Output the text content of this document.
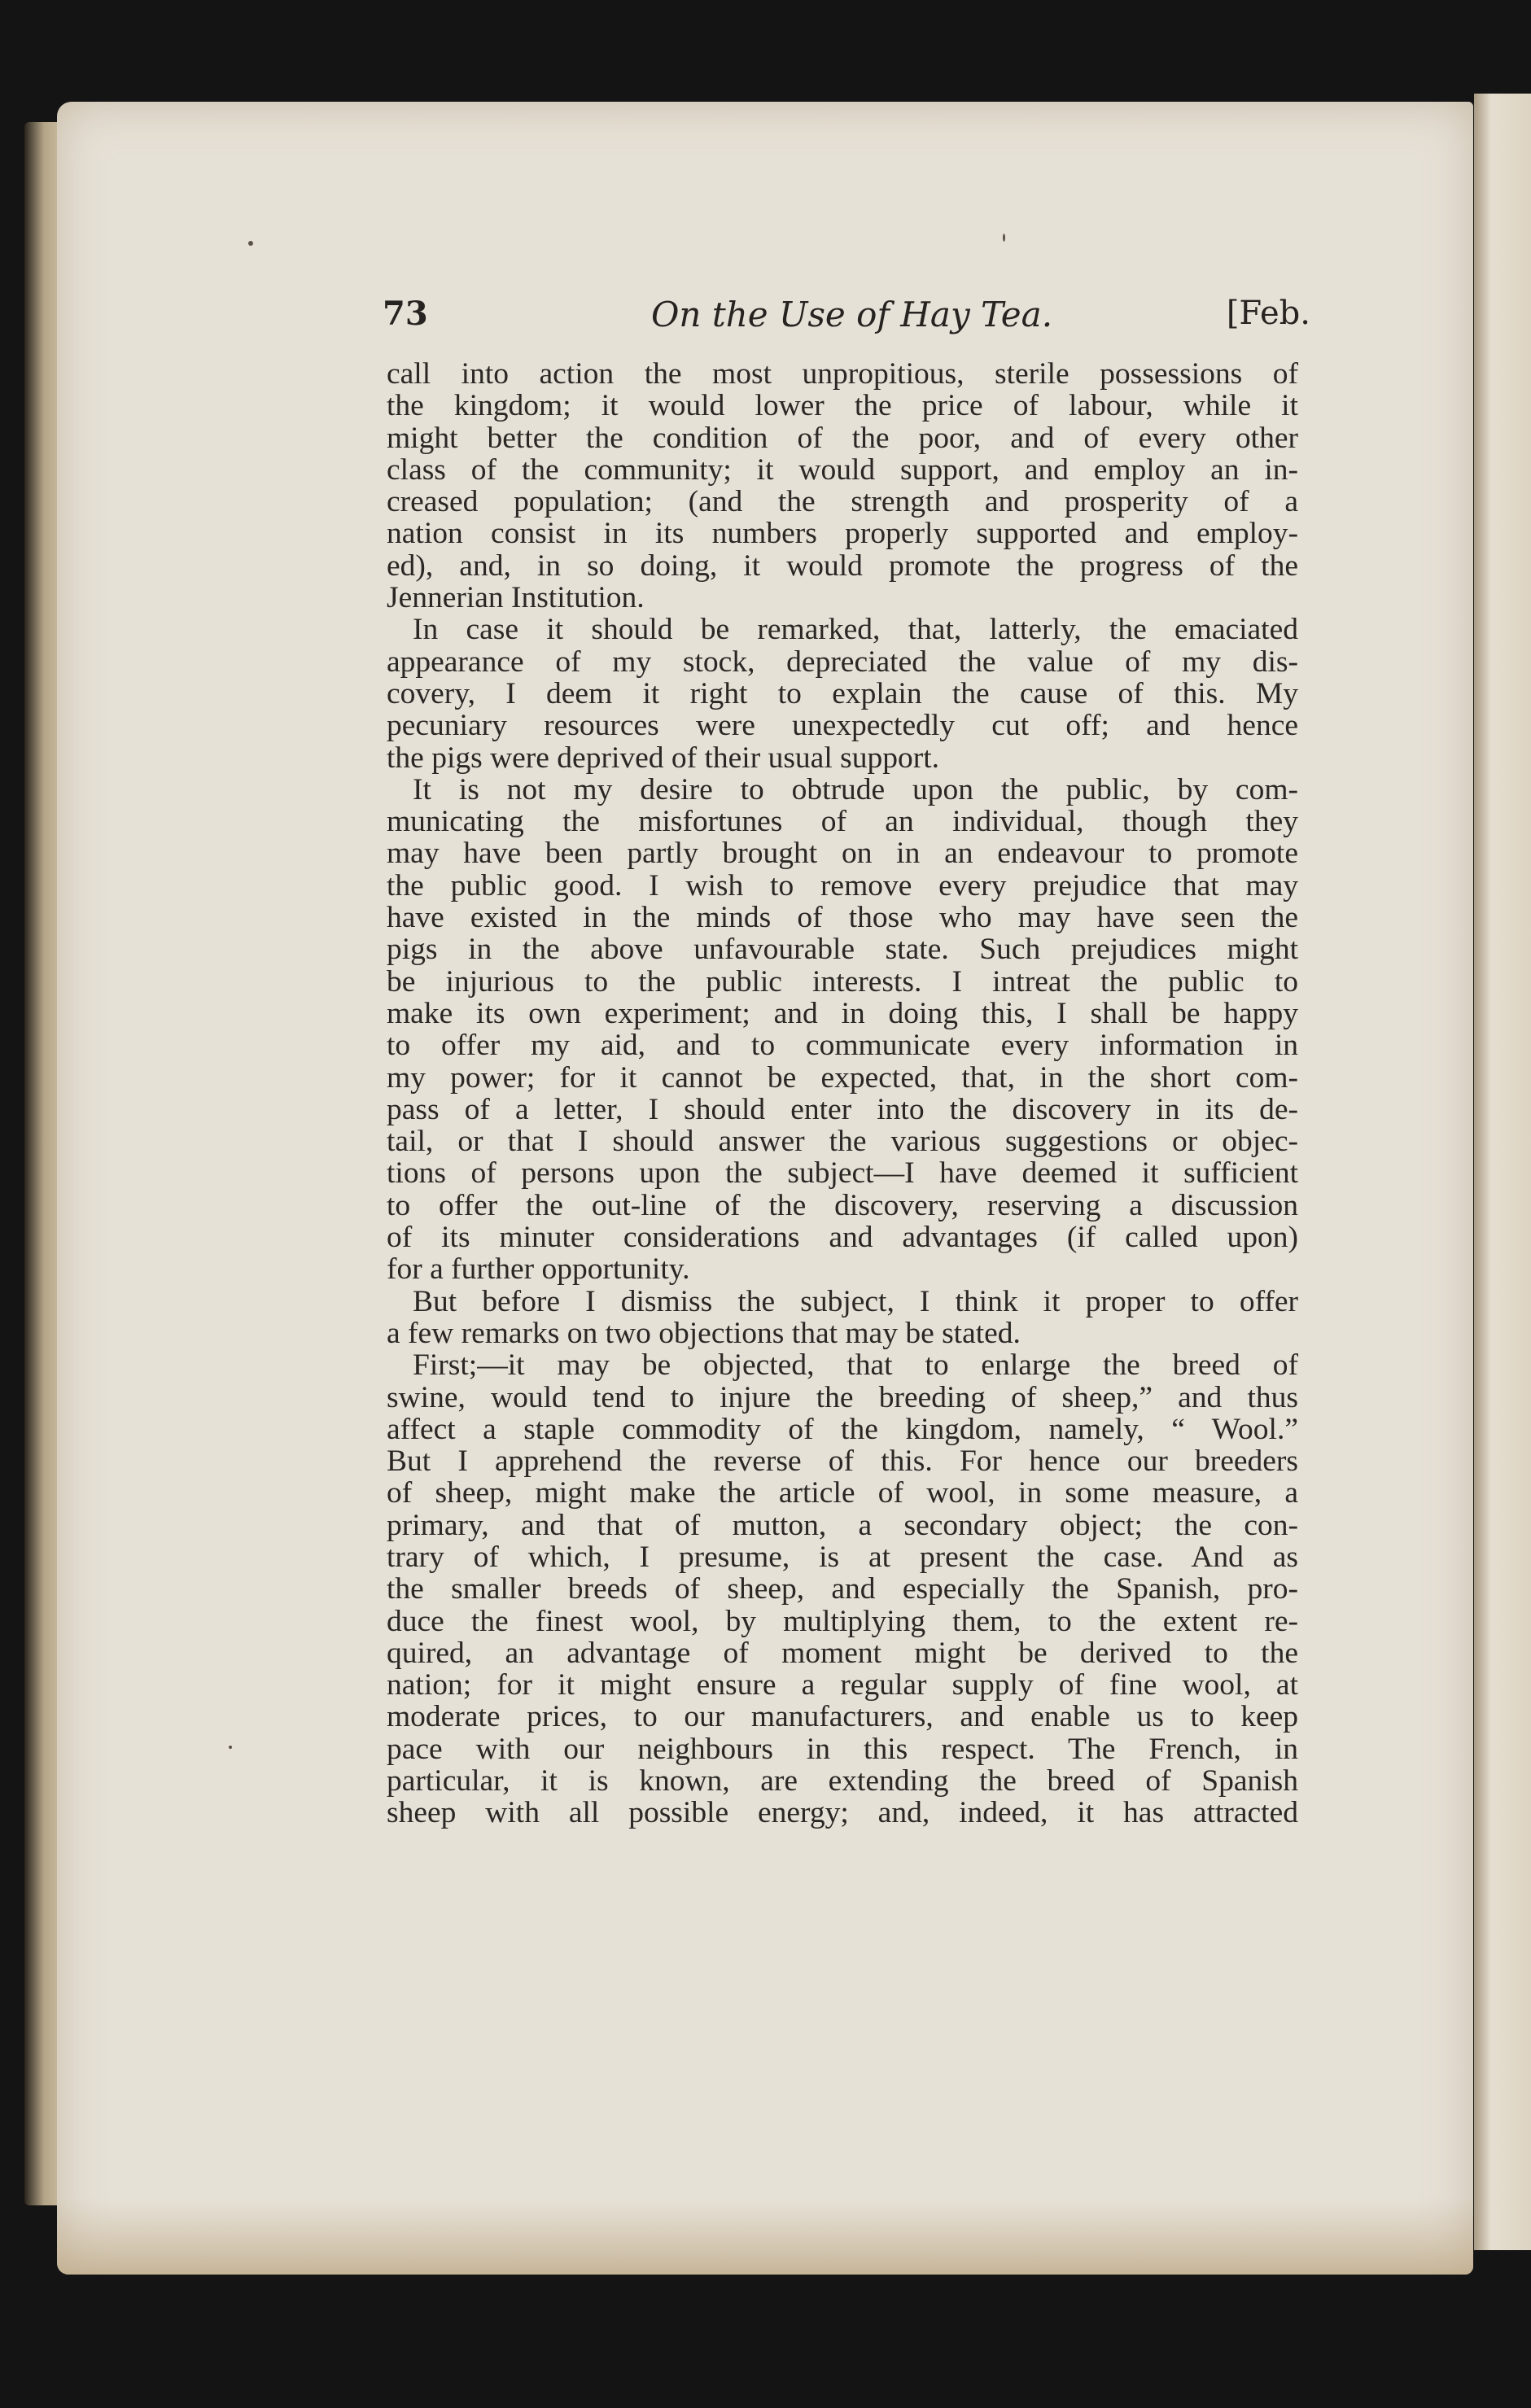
73	On the Use of Hay Tea.	[Feb.
call into action the most unpropitious, sterile possessions of
the kingdom; it would lower the price of labour, while it
might better the condition of the poor, and of every other
class of the community; it would support, and employ an in-
creased population; (and the strength and prosperity of a
nation consist in its numbers properly supported and employ-
ed), and, in so doing, it would promote the progress of the
Jennerian Institution.
In case it should be remarked, that, latterly, the emaciated
appearance of my stock, depreciated the value of my dis-
covery, I deem it right to explain the cause of this. My
pecuniary resources were unexpectedly cut off; and hence
the pigs were deprived of their usual support.
It is not my desire to obtrude upon the public, by com-
municating the misfortunes of an individual, though they
may have been partly brought on in an endeavour to promote
the public good. I wish to remove every prejudice that may
have existed in the minds of those who may have seen the
pigs in the above unfavourable state. Such prejudices might
be injurious to the public interests. I intreat the public to
make its own experiment; and in doing this, I shall be happy
to offer my aid, and to communicate every information in
my power; for it cannot be expected, that, in the short com-
pass of a letter, I should enter into the discovery in its de-
tail, or that I should answer the various suggestions or objec-
tions of persons upon the subject—I have deemed it sufficient
to offer the out-line of the discovery, reserving a discussion
of its minuter considerations and advantages (if called upon)
for a further opportunity.
But before I dismiss the subject, I think it proper to offer
a few remarks on two objections that may be stated.
First;—it may be objected, that to enlarge the breed of
swine, would tend to injure the breeding of sheep,” and thus
affect a staple commodity of the kingdom, namely, “ Wool.”
But I apprehend the reverse of this. For hence our breeders
of sheep, might make the article of wool, in some measure, a
primary, and that of mutton, a secondary object; the con-
trary of which, I presume, is at present the case. And as
the smaller breeds of sheep, and especially the Spanish, pro-
duce the finest wool, by multiplying them, to the extent re-
quired, an advantage of moment might be derived to the
nation; for it might ensure a regular supply of fine wool, at
moderate prices, to our manufacturers, and enable us to keep
pace with our neighbours in this respect. The French, in
particular, it is known, are extending the breed of Spanish
sheep with all possible energy; and, indeed, it has attracted
